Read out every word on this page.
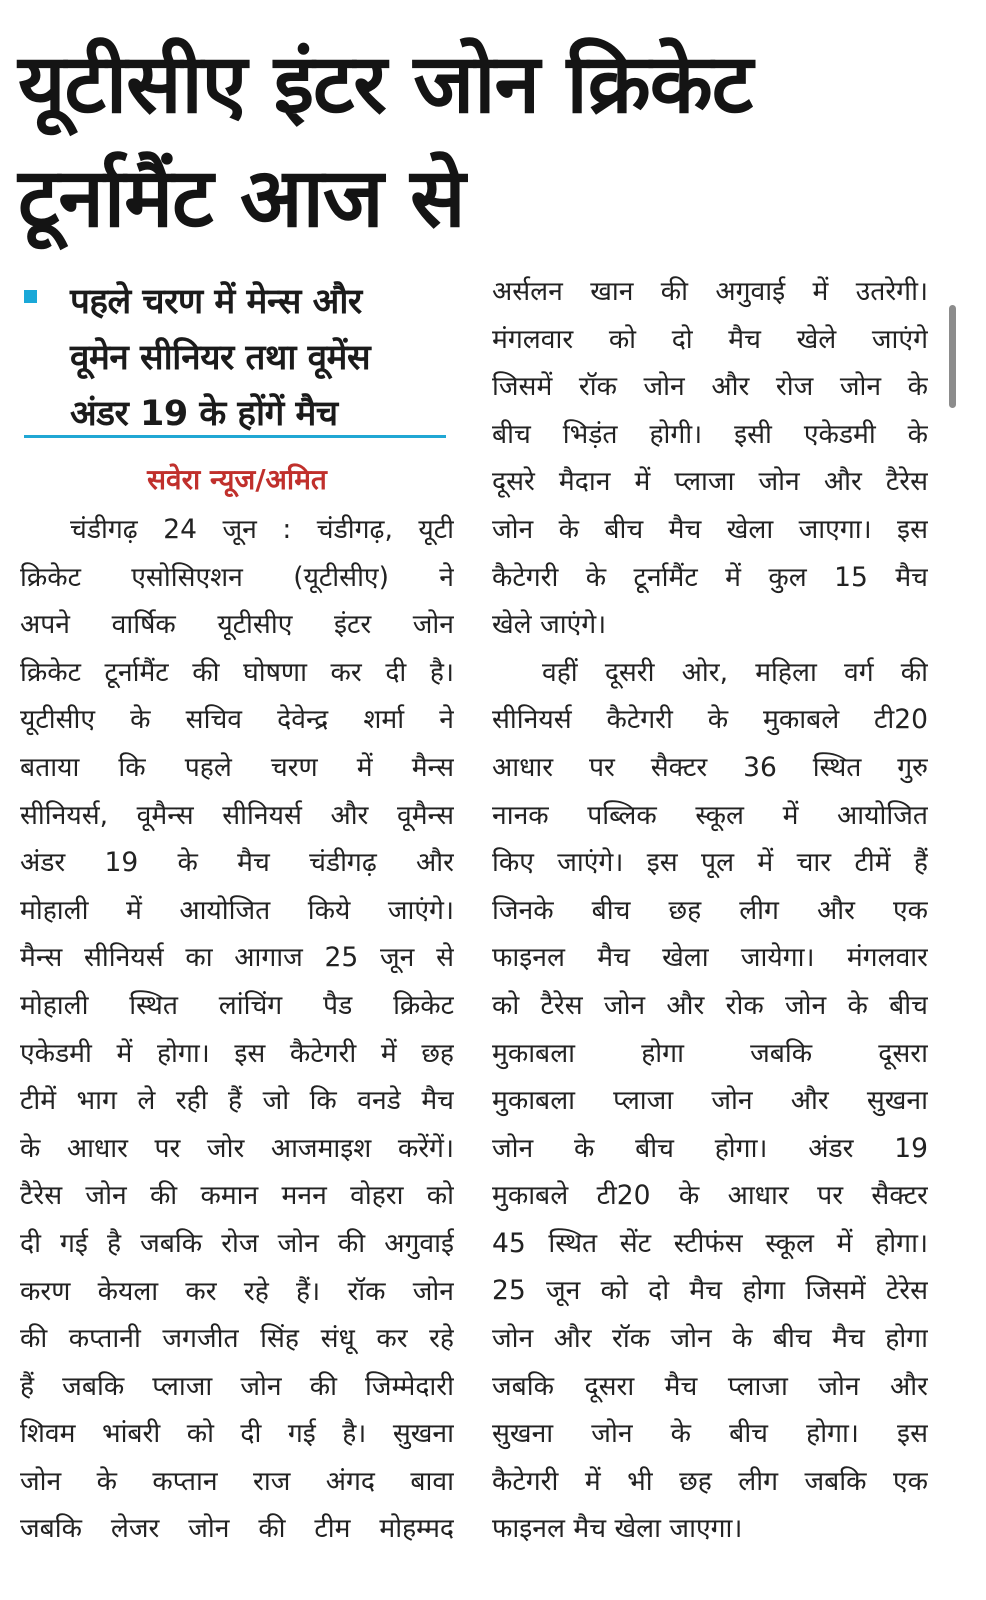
यूटीसीए इंटर जोन क्रिकेट
टूर्नामैंट आज से
पहले चरण में मेन्स और
वूमेन सीनियर तथा वूमेंस
अंडर 19 के होंगें मैच
सवेरा न्यूज/अमित
चंडीगढ़ 24 जून : चंडीगढ़, यूटी
क्रिकेट एसोसिएशन (यूटीसीए) ने
अपने वार्षिक यूटीसीए इंटर जोन
क्रिकेट टूर्नामैंट की घोषणा कर दी है।
यूटीसीए के सचिव देवेन्द्र शर्मा ने
बताया कि पहले चरण में मैन्स
सीनियर्स, वूमैन्स सीनियर्स और वूमैन्स
अंडर 19 के मैच चंडीगढ़ और
मोहाली में आयोजित किये जाएंगे।
मैन्स सीनियर्स का आगाज 25 जून से
मोहाली स्थित लांचिंग पैड क्रिकेट
एकेडमी में होगा। इस कैटेगरी में छह
टीमें भाग ले रही हैं जो कि वनडे मैच
के आधार पर जोर आजमाइश करेंगें।
टैरेस जोन की कमान मनन वोहरा को
दी गई है जबकि रोज जोन की अगुवाई
करण केयला कर रहे हैं। रॉक जोन
की कप्तानी जगजीत सिंह संधू कर रहे
हैं जबकि प्लाजा जोन की जिम्मेदारी
शिवम भांबरी को दी गई है। सुखना
जोन के कप्तान राज अंगद बावा
जबकि लेजर जोन की टीम मोहम्मद
अर्सलन खान की अगुवाई में उतरेगी।
मंगलवार को दो मैच खेले जाएंगे
जिसमें रॉक जोन और रोज जोन के
बीच भिड़ंत होगी। इसी एकेडमी के
दूसरे मैदान में प्लाजा जोन और टैरेस
जोन के बीच मैच खेला जाएगा। इस
कैटेगरी के टूर्नामैंट में कुल 15 मैच
खेले जाएंगे।
वहीं दूसरी ओर, महिला वर्ग की
सीनियर्स कैटेगरी के मुकाबले टी20
आधार पर सैक्टर 36 स्थित गुरु
नानक पब्लिक स्कूल में आयोजित
किए जाएंगे। इस पूल में चार टीमें हैं
जिनके बीच छह लीग और एक
फाइनल मैच खेला जायेगा। मंगलवार
को टैरेस जोन और रोक जोन के बीच
मुकाबला होगा जबकि दूसरा
मुकाबला प्लाजा जोन और सुखना
जोन के बीच होगा। अंडर 19
मुकाबले टी20 के आधार पर सैक्टर
45 स्थित सेंट स्टीफंस स्कूल में होगा।
25 जून को दो मैच होगा जिसमें टेरेस
जोन और रॉक जोन के बीच मैच होगा
जबकि दूसरा मैच प्लाजा जोन और
सुखना जोन के बीच होगा। इस
कैटेगरी में भी छह लीग जबकि एक
फाइनल मैच खेला जाएगा।
